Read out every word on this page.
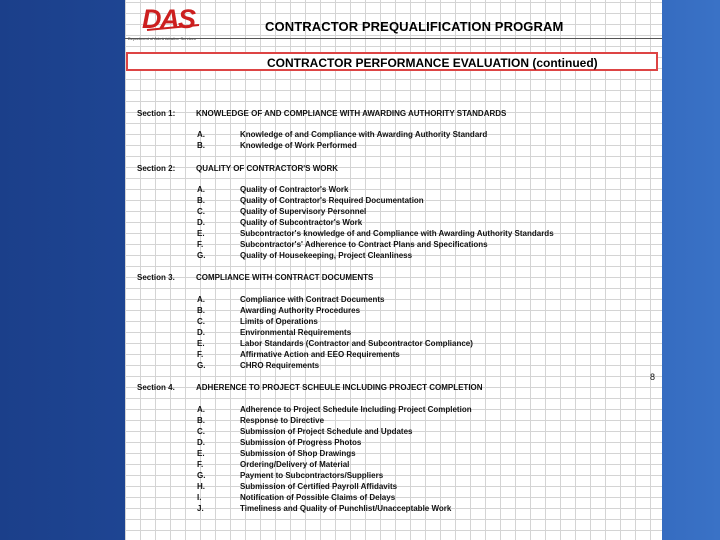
DAS	CONTRACTOR PREQUALIFICATION PROGRAM
CONTRACTOR PERFORMANCE EVALUATION (continued)
Section 1:	KNOWLEDGE OF AND COMPLIANCE WITH AWARDING AUTHORITY STANDARDS
A.	Knowledge of and Compliance with Awarding Authority Standard
B.	Knowledge of Work Performed
Section 2:	QUALITY OF CONTRACTOR'S WORK
A.	Quality of Contractor's Work
B.	Quality of Contractor's Required Documentation
C.	Quality of Supervisory Personnel
D.	Quality of Subcontractor's Work
E.	Subcontractor's knowledge of and Compliance with Awarding Authority Standards
F.	Subcontractor's' Adherence to Contract Plans and Specifications
G.	Quality of Housekeeping, Project Cleanliness
Section 3.	COMPLIANCE WITH CONTRACT DOCUMENTS
A.	Compliance with Contract Documents
B.	Awarding Authority Procedures
C.	Limits of Operations
D.	Environmental Requirements
E.	Labor Standards (Contractor and Subcontractor Compliance)
F.	Affirmative Action and EEO Requirements
G.	CHRO Requirements
Section 4.	ADHERENCE TO PROJECT SCHEULE INCLUDING PROJECT COMPLETION
A.	Adherence to Project Schedule Including Project Completion
B.	Response to Directive
C.	Submission of Project Schedule and Updates
D.	Submission of Progress Photos
E.	Submission of Shop Drawings
F.	Ordering/Delivery of Material
G.	Payment to Subcontractors/Suppliers
H.	Submission of Certified Payroll Affidavits
I.	Notification of Possible Claims of Delays
J.	Timeliness and Quality of Punchlist/Unacceptable Work
8
